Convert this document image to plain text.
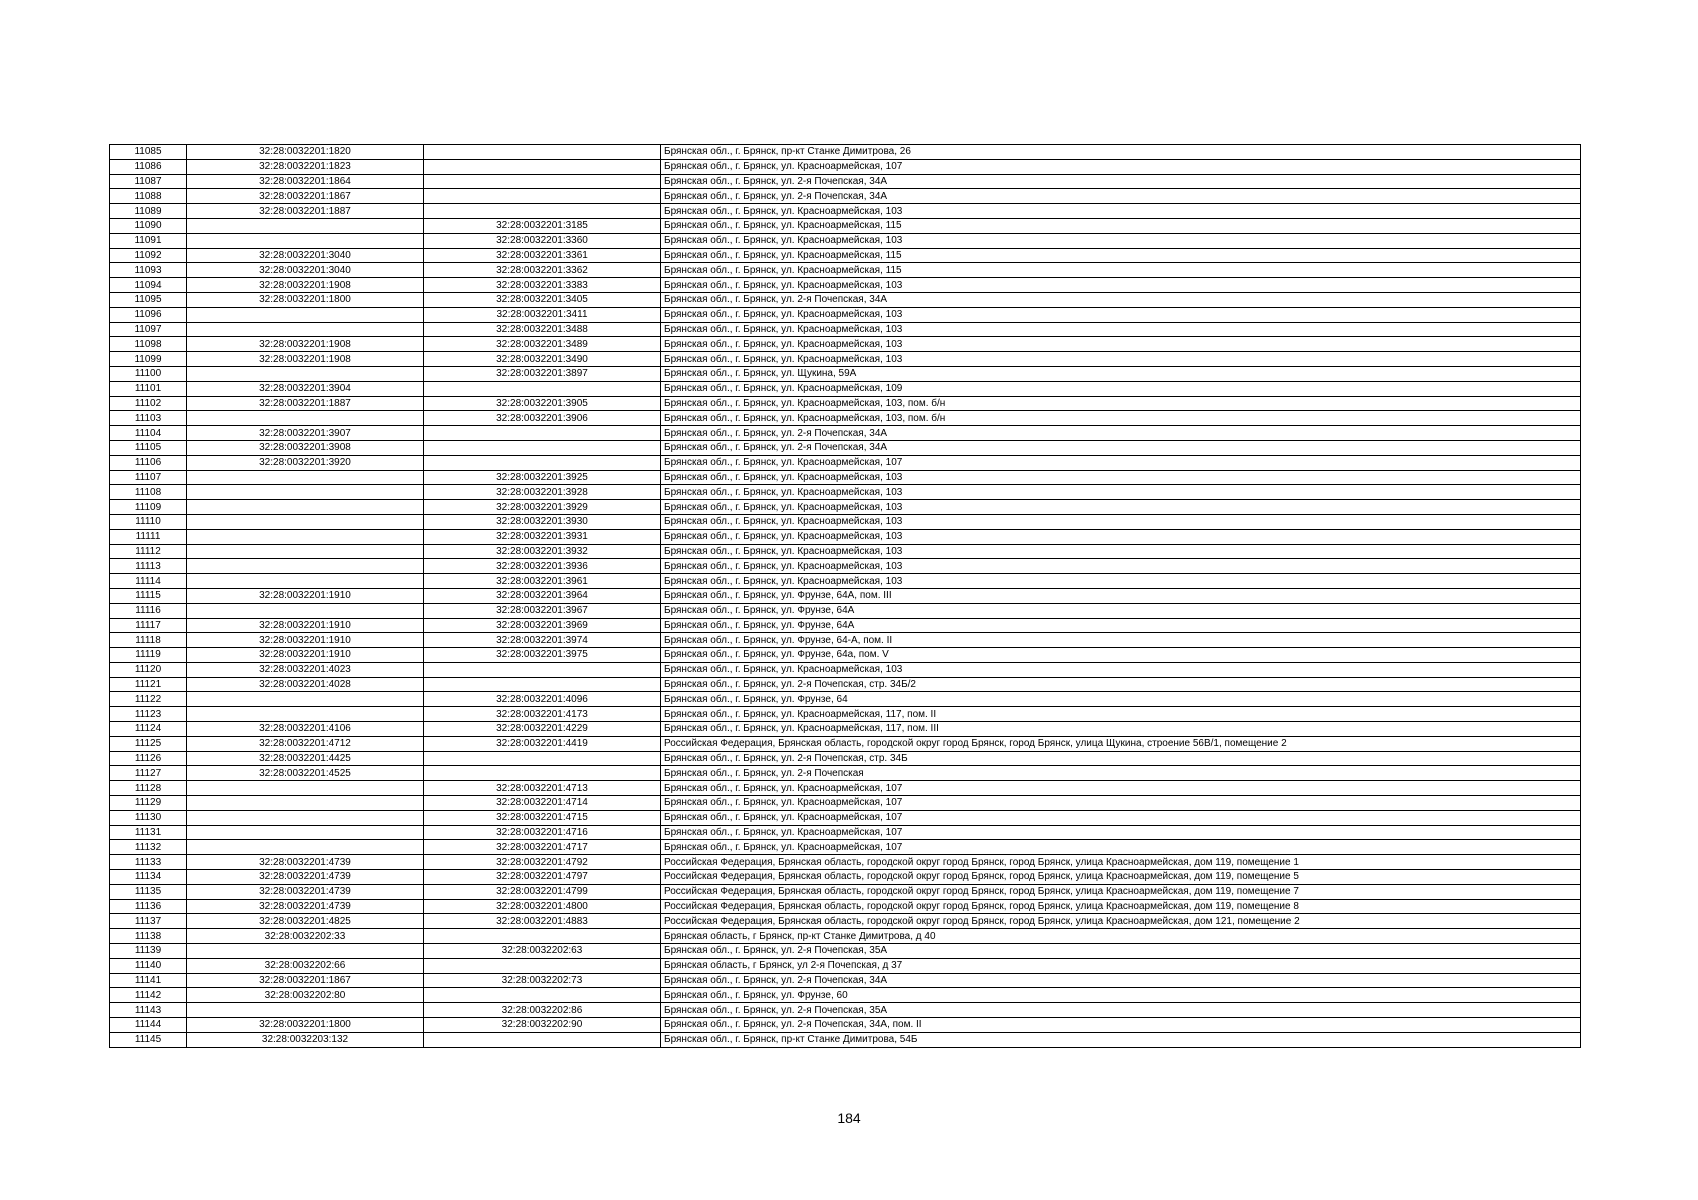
11085	32:28:0032201:1820		Брянская обл., г. Брянск, пр-кт Станке Димитрова, 26
11086	32:28:0032201:1823		Брянская обл., г. Брянск, ул. Красноармейская, 107
11087	32:28:0032201:1864		Брянская обл., г. Брянск, ул. 2-я Почепская, 34А
11088	32:28:0032201:1867		Брянская обл., г. Брянск, ул. 2-я Почепская, 34А
11089	32:28:0032201:1887		Брянская обл., г. Брянск, ул. Красноармейская, 103
11090		32:28:0032201:3185	Брянская обл., г. Брянск, ул. Красноармейская, 115
11091		32:28:0032201:3360	Брянская обл., г. Брянск, ул. Красноармейская, 103
11092	32:28:0032201:3040	32:28:0032201:3361	Брянская обл., г. Брянск, ул. Красноармейская, 115
11093	32:28:0032201:3040	32:28:0032201:3362	Брянская обл., г. Брянск, ул. Красноармейская, 115
11094	32:28:0032201:1908	32:28:0032201:3383	Брянская обл., г. Брянск, ул. Красноармейская, 103
11095	32:28:0032201:1800	32:28:0032201:3405	Брянская обл., г. Брянск, ул. 2-я Почепская, 34А
11096		32:28:0032201:3411	Брянская обл., г. Брянск, ул. Красноармейская, 103
11097		32:28:0032201:3488	Брянская обл., г. Брянск, ул. Красноармейская, 103
11098	32:28:0032201:1908	32:28:0032201:3489	Брянская обл., г. Брянск, ул. Красноармейская, 103
11099	32:28:0032201:1908	32:28:0032201:3490	Брянская обл., г. Брянск, ул. Красноармейская, 103
11100		32:28:0032201:3897	Брянская обл., г. Брянск, ул. Щукина, 59А
11101	32:28:0032201:3904		Брянская обл., г. Брянск, ул. Красноармейская, 109
11102	32:28:0032201:1887	32:28:0032201:3905	Брянская обл., г. Брянск, ул. Красноармейская, 103, пом. б/н
11103		32:28:0032201:3906	Брянская обл., г. Брянск, ул. Красноармейская, 103, пом. б/н
11104	32:28:0032201:3907		Брянская обл., г. Брянск, ул. 2-я Почепская, 34А
11105	32:28:0032201:3908		Брянская обл., г. Брянск, ул. 2-я Почепская, 34А
11106	32:28:0032201:3920		Брянская обл., г. Брянск, ул. Красноармейская, 107
11107		32:28:0032201:3925	Брянская обл., г. Брянск, ул. Красноармейская, 103
11108		32:28:0032201:3928	Брянская обл., г. Брянск, ул. Красноармейская, 103
11109		32:28:0032201:3929	Брянская обл., г. Брянск, ул. Красноармейская, 103
11110		32:28:0032201:3930	Брянская обл., г. Брянск, ул. Красноармейская, 103
11111		32:28:0032201:3931	Брянская обл., г. Брянск, ул. Красноармейская, 103
11112		32:28:0032201:3932	Брянская обл., г. Брянск, ул. Красноармейская, 103
11113		32:28:0032201:3936	Брянская обл., г. Брянск, ул. Красноармейская, 103
11114		32:28:0032201:3961	Брянская обл., г. Брянск, ул. Красноармейская, 103
11115	32:28:0032201:1910	32:28:0032201:3964	Брянская обл., г. Брянск, ул. Фрунзе, 64А, пом. III
11116		32:28:0032201:3967	Брянская обл., г. Брянск, ул. Фрунзе, 64А
11117	32:28:0032201:1910	32:28:0032201:3969	Брянская обл., г. Брянск, ул. Фрунзе, 64А
11118	32:28:0032201:1910	32:28:0032201:3974	Брянская обл., г. Брянск, ул. Фрунзе, 64-А, пом. II
11119	32:28:0032201:1910	32:28:0032201:3975	Брянская обл., г. Брянск, ул. Фрунзе, 64а, пом. V
11120	32:28:0032201:4023		Брянская обл., г. Брянск, ул. Красноармейская, 103
11121	32:28:0032201:4028		Брянская обл., г. Брянск, ул. 2-я Почепская, стр. 34Б/2
11122		32:28:0032201:4096	Брянская обл., г. Брянск, ул. Фрунзе, 64
11123		32:28:0032201:4173	Брянская обл., г. Брянск, ул. Красноармейская, 117, пом. II
11124	32:28:0032201:4106	32:28:0032201:4229	Брянская обл., г. Брянск, ул. Красноармейская, 117, пом. III
11125	32:28:0032201:4712	32:28:0032201:4419	Российская Федерация, Брянская область, городской округ город Брянск, город Брянск, улица Щукина, строение 56В/1, помещение 2
11126	32:28:0032201:4425		Брянская обл., г. Брянск, ул. 2-я Почепская, стр. 34Б
11127	32:28:0032201:4525		Брянская обл., г. Брянск, ул. 2-я Почепская
11128		32:28:0032201:4713	Брянская обл., г. Брянск, ул. Красноармейская, 107
11129		32:28:0032201:4714	Брянская обл., г. Брянск, ул. Красноармейская, 107
11130		32:28:0032201:4715	Брянская обл., г. Брянск, ул. Красноармейская, 107
11131		32:28:0032201:4716	Брянская обл., г. Брянск, ул. Красноармейская, 107
11132		32:28:0032201:4717	Брянская обл., г. Брянск, ул. Красноармейская, 107
11133	32:28:0032201:4739	32:28:0032201:4792	Российская Федерация, Брянская область, городской округ город Брянск, город Брянск, улица Красноармейская, дом 119, помещение 1
11134	32:28:0032201:4739	32:28:0032201:4797	Российская Федерация, Брянская область, городской округ город Брянск, город Брянск, улица Красноармейская, дом 119, помещение 5
11135	32:28:0032201:4739	32:28:0032201:4799	Российская Федерация, Брянская область, городской округ город Брянск, город Брянск, улица Красноармейская, дом 119, помещение 7
11136	32:28:0032201:4739	32:28:0032201:4800	Российская Федерация, Брянская область, городской округ город Брянск, город Брянск, улица Красноармейская, дом 119, помещение 8
11137	32:28:0032201:4825	32:28:0032201:4883	Российская Федерация, Брянская область, городской округ город Брянск, город Брянск, улица Красноармейская, дом 121, помещение 2
11138	32:28:0032202:33		Брянская область, г Брянск, пр-кт Станке Димитрова, д 40
11139		32:28:0032202:63	Брянская обл., г. Брянск, ул. 2-я Почепская, 35А
11140	32:28:0032202:66		Брянская область, г Брянск, ул 2-я Почепская, д 37
11141	32:28:0032201:1867	32:28:0032202:73	Брянская обл., г. Брянск, ул. 2-я Почепская, 34А
11142	32:28:0032202:80		Брянская обл., г. Брянск, ул. Фрунзе, 60
11143		32:28:0032202:86	Брянская обл., г. Брянск, ул. 2-я Почепская, 35А
11144	32:28:0032201:1800	32:28:0032202:90	Брянская обл., г. Брянск, ул. 2-я Почепская, 34А, пом. II
11145	32:28:0032203:132		Брянская обл., г. Брянск, пр-кт Станке Димитрова, 54Б
184
